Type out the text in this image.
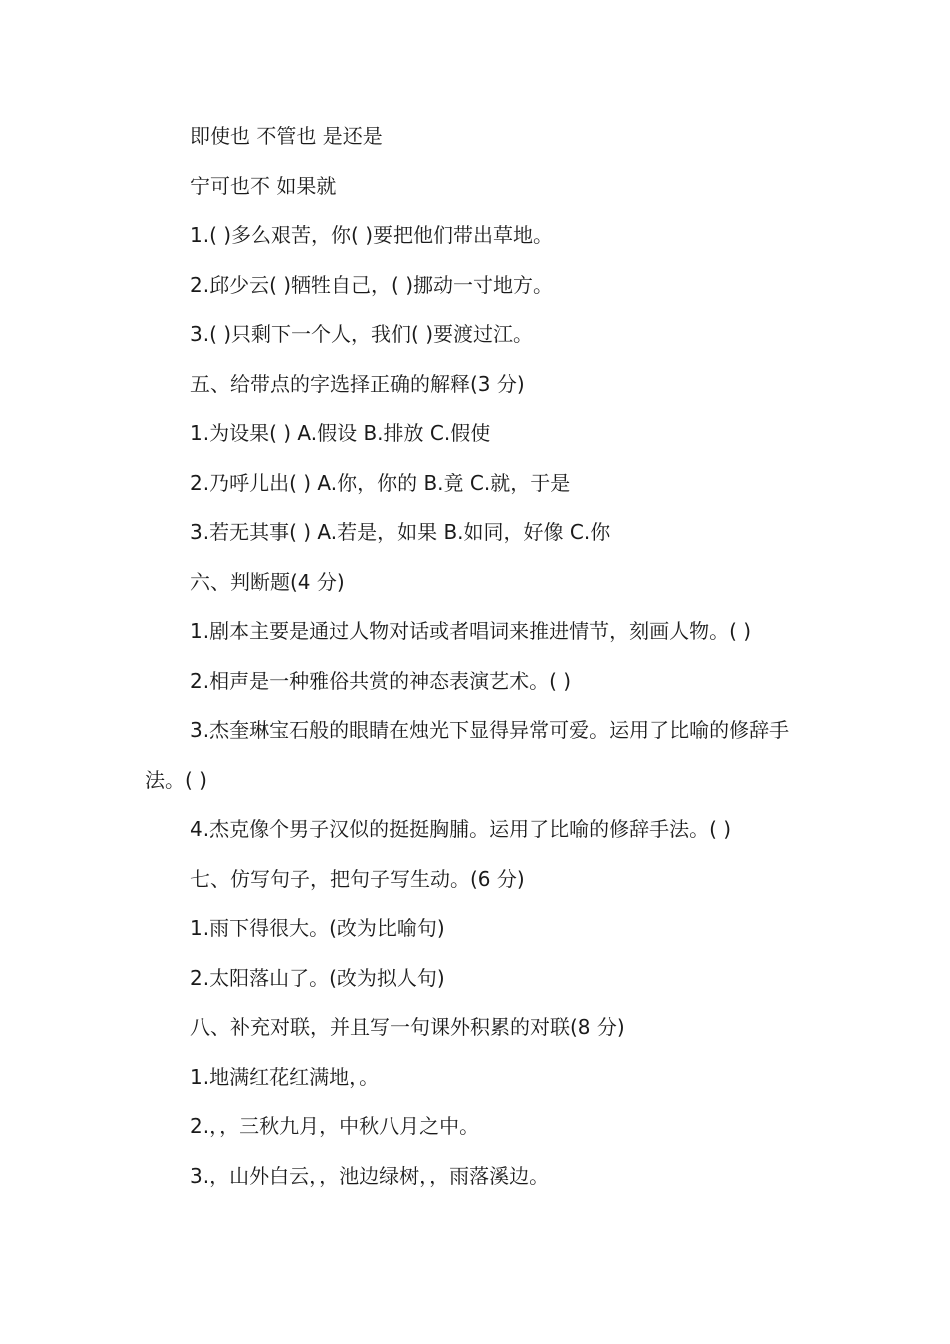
即使也 不管也 是还是
宁可也不 如果就
1.( )多么艰苦，你( )要把他们带出草地。
2.邱少云( )牺牲自己，( )挪动一寸地方。
3.( )只剩下一个人，我们( )要渡过江。
五、给带点的字选择正确的解释(3 分)
1.为设果( ) A.假设 B.排放 C.假使
2.乃呼儿出( ) A.你，你的 B.竟 C.就，于是
3.若无其事( ) A.若是，如果 B.如同，好像 C.你
六、判断题(4 分)
1.剧本主要是通过人物对话或者唱词来推进情节，刻画人物。( )
2.相声是一种雅俗共赏的神态表演艺术。( )
3.杰奎琳宝石般的眼睛在烛光下显得异常可爱。运用了比喻的修辞手法。( )
4.杰克像个男子汉似的挺挺胸脯。运用了比喻的修辞手法。( )
七、仿写句子，把句子写生动。(6 分)
1.雨下得很大。(改为比喻句)
2.太阳落山了。(改为拟人句)
八、补充对联，并且写一句课外积累的对联(8 分)
1.地满红花红满地，。
2.，，三秋九月，中秋八月之中。
3.，山外白云，，池边绿树，，雨落溪边。
